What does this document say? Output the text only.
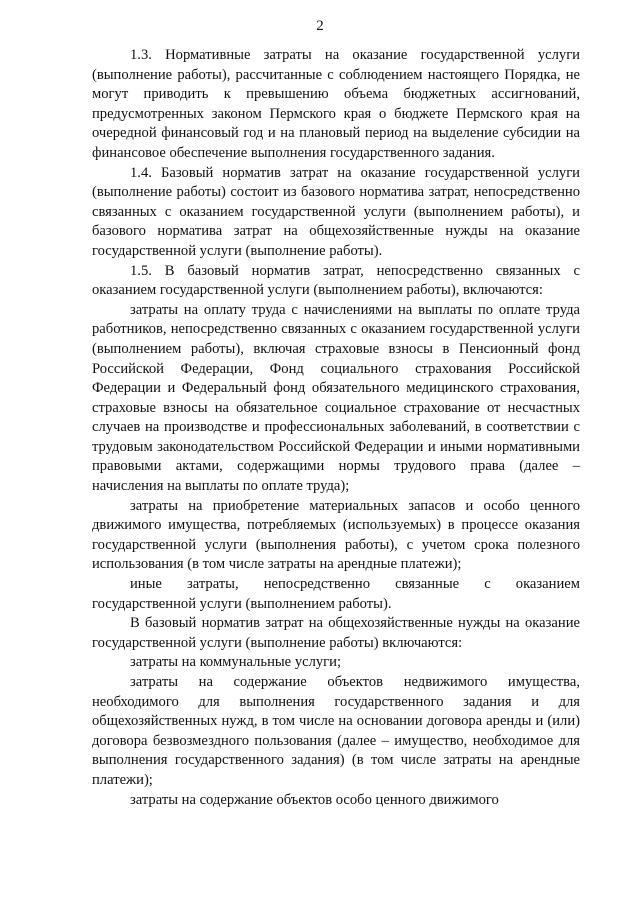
2

1.3. Нормативные затраты на оказание государственной услуги (выполнение работы), рассчитанные с соблюдением настоящего Порядка, не могут приводить к превышению объема бюджетных ассигнований, предусмотренных законом Пермского края о бюджете Пермского края на очередной финансовый год и на плановый период на выделение субсидии на финансовое обеспечение выполнения государственного задания.

1.4. Базовый норматив затрат на оказание государственной услуги (выполнение работы) состоит из базового норматива затрат, непосредственно связанных с оказанием государственной услуги (выполнением работы), и базового норматива затрат на общехозяйственные нужды на оказание государственной услуги (выполнение работы).

1.5. В базовый норматив затрат, непосредственно связанных с оказанием государственной услуги (выполнением работы), включаются:

затраты на оплату труда с начислениями на выплаты по оплате труда работников, непосредственно связанных с оказанием государственной услуги (выполнением работы), включая страховые взносы в Пенсионный фонд Российской Федерации, Фонд социального страхования Российской Федерации и Федеральный фонд обязательного медицинского страхования, страховые взносы на обязательное социальное страхование от несчастных случаев на производстве и профессиональных заболеваний, в соответствии с трудовым законодательством Российской Федерации и иными нормативными правовыми актами, содержащими нормы трудового права (далее – начисления на выплаты по оплате труда);

затраты на приобретение материальных запасов и особо ценного движимого имущества, потребляемых (используемых) в процессе оказания государственной услуги (выполнения работы), с учетом срока полезного использования (в том числе затраты на арендные платежи);

иные затраты, непосредственно связанные с оказанием государственной услуги (выполнением работы).

В базовый норматив затрат на общехозяйственные нужды на оказание государственной услуги (выполнение работы) включаются:

затраты на коммунальные услуги;

затраты на содержание объектов недвижимого имущества, необходимого для выполнения государственного задания и для общехозяйственных нужд, в том числе на основании договора аренды и (или) договора безвозмездного пользования (далее – имущество, необходимое для выполнения государственного задания) (в том числе затраты на арендные платежи);

затраты на содержание объектов особо ценного движимого
